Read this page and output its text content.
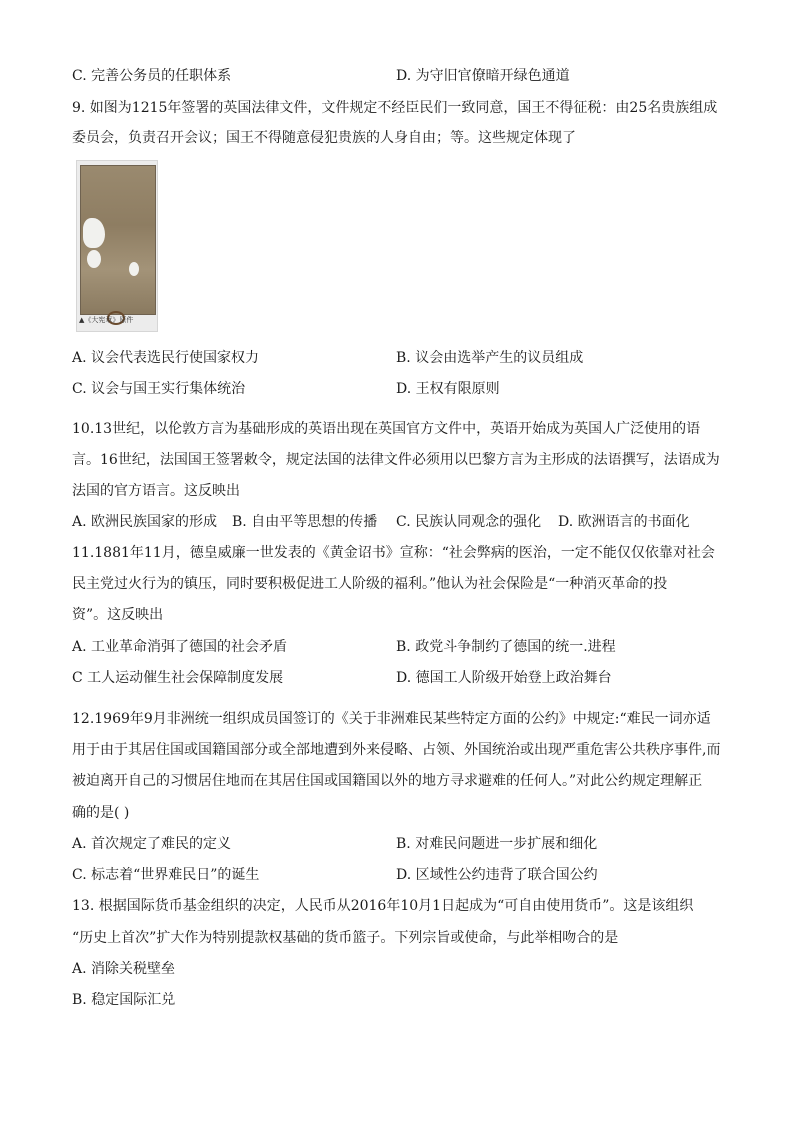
C. 完善公务员的任职体系	D. 为守旧官僚暗开绿色通道
9. 如图为1215年签署的英国法律文件，文件规定不经臣民们一致同意，国王不得征税：由25名贵族组成
委员会，负责召开会议；国王不得随意侵犯贵族的人身自由；等。这些规定体现了
▲《大宪章》原件
A. 议会代表选民行使国家权力	B. 议会由选举产生的议员组成
C. 议会与国王实行集体统治	D. 王权有限原则
10.13世纪，以伦敦方言为基础形成的英语出现在英国官方文件中，英语开始成为英国人广泛使用的语
言。16世纪，法国国王签署敕令，规定法国的法律文件必须用以巴黎方言为主形成的法语撰写，法语成为
法国的官方语言。这反映出
A. 欧洲民族国家的形成 B. 自由平等思想的传播 C. 民族认同观念的强化 D. 欧洲语言的书面化
11.1881年11月，德皇威廉一世发表的《黄金诏书》宣称：“社会弊病的医治，一定不能仅仅依靠对社会
民主党过火行为的镇压，同时要积极促进工人阶级的福利。”他认为社会保险是“一种消灭革命的投
资”。这反映出
A. 工业革命消弭了德国的社会矛盾	B. 政党斗争制约了德国的统一.进程
C 工人运动催生社会保障制度发展	D. 德国工人阶级开始登上政治舞台
12.1969年9月非洲统一组织成员国签订的《关于非洲难民某些特定方面的公约》中规定:“难民一词亦适
用于由于其居住国或国籍国部分或全部地遭到外来侵略、占领、外国统治或出现严重危害公共秩序事件,而
被迫离开自己的习惯居住地而在其居住国或国籍国以外的地方寻求避难的任何人。”对此公约规定理解正
确的是( )
A. 首次规定了难民的定义	B. 对难民问题进一步扩展和细化
C. 标志着“世界难民日”的诞生	D. 区域性公约违背了联合国公约
13. 根据国际货币基金组织的决定，人民币从2016年10月1日起成为“可自由使用货币”。这是该组织
“历史上首次”扩大作为特别提款权基础的货币篮子。下列宗旨或使命，与此举相吻合的是
A. 消除关税壁垒
B. 稳定国际汇兑
